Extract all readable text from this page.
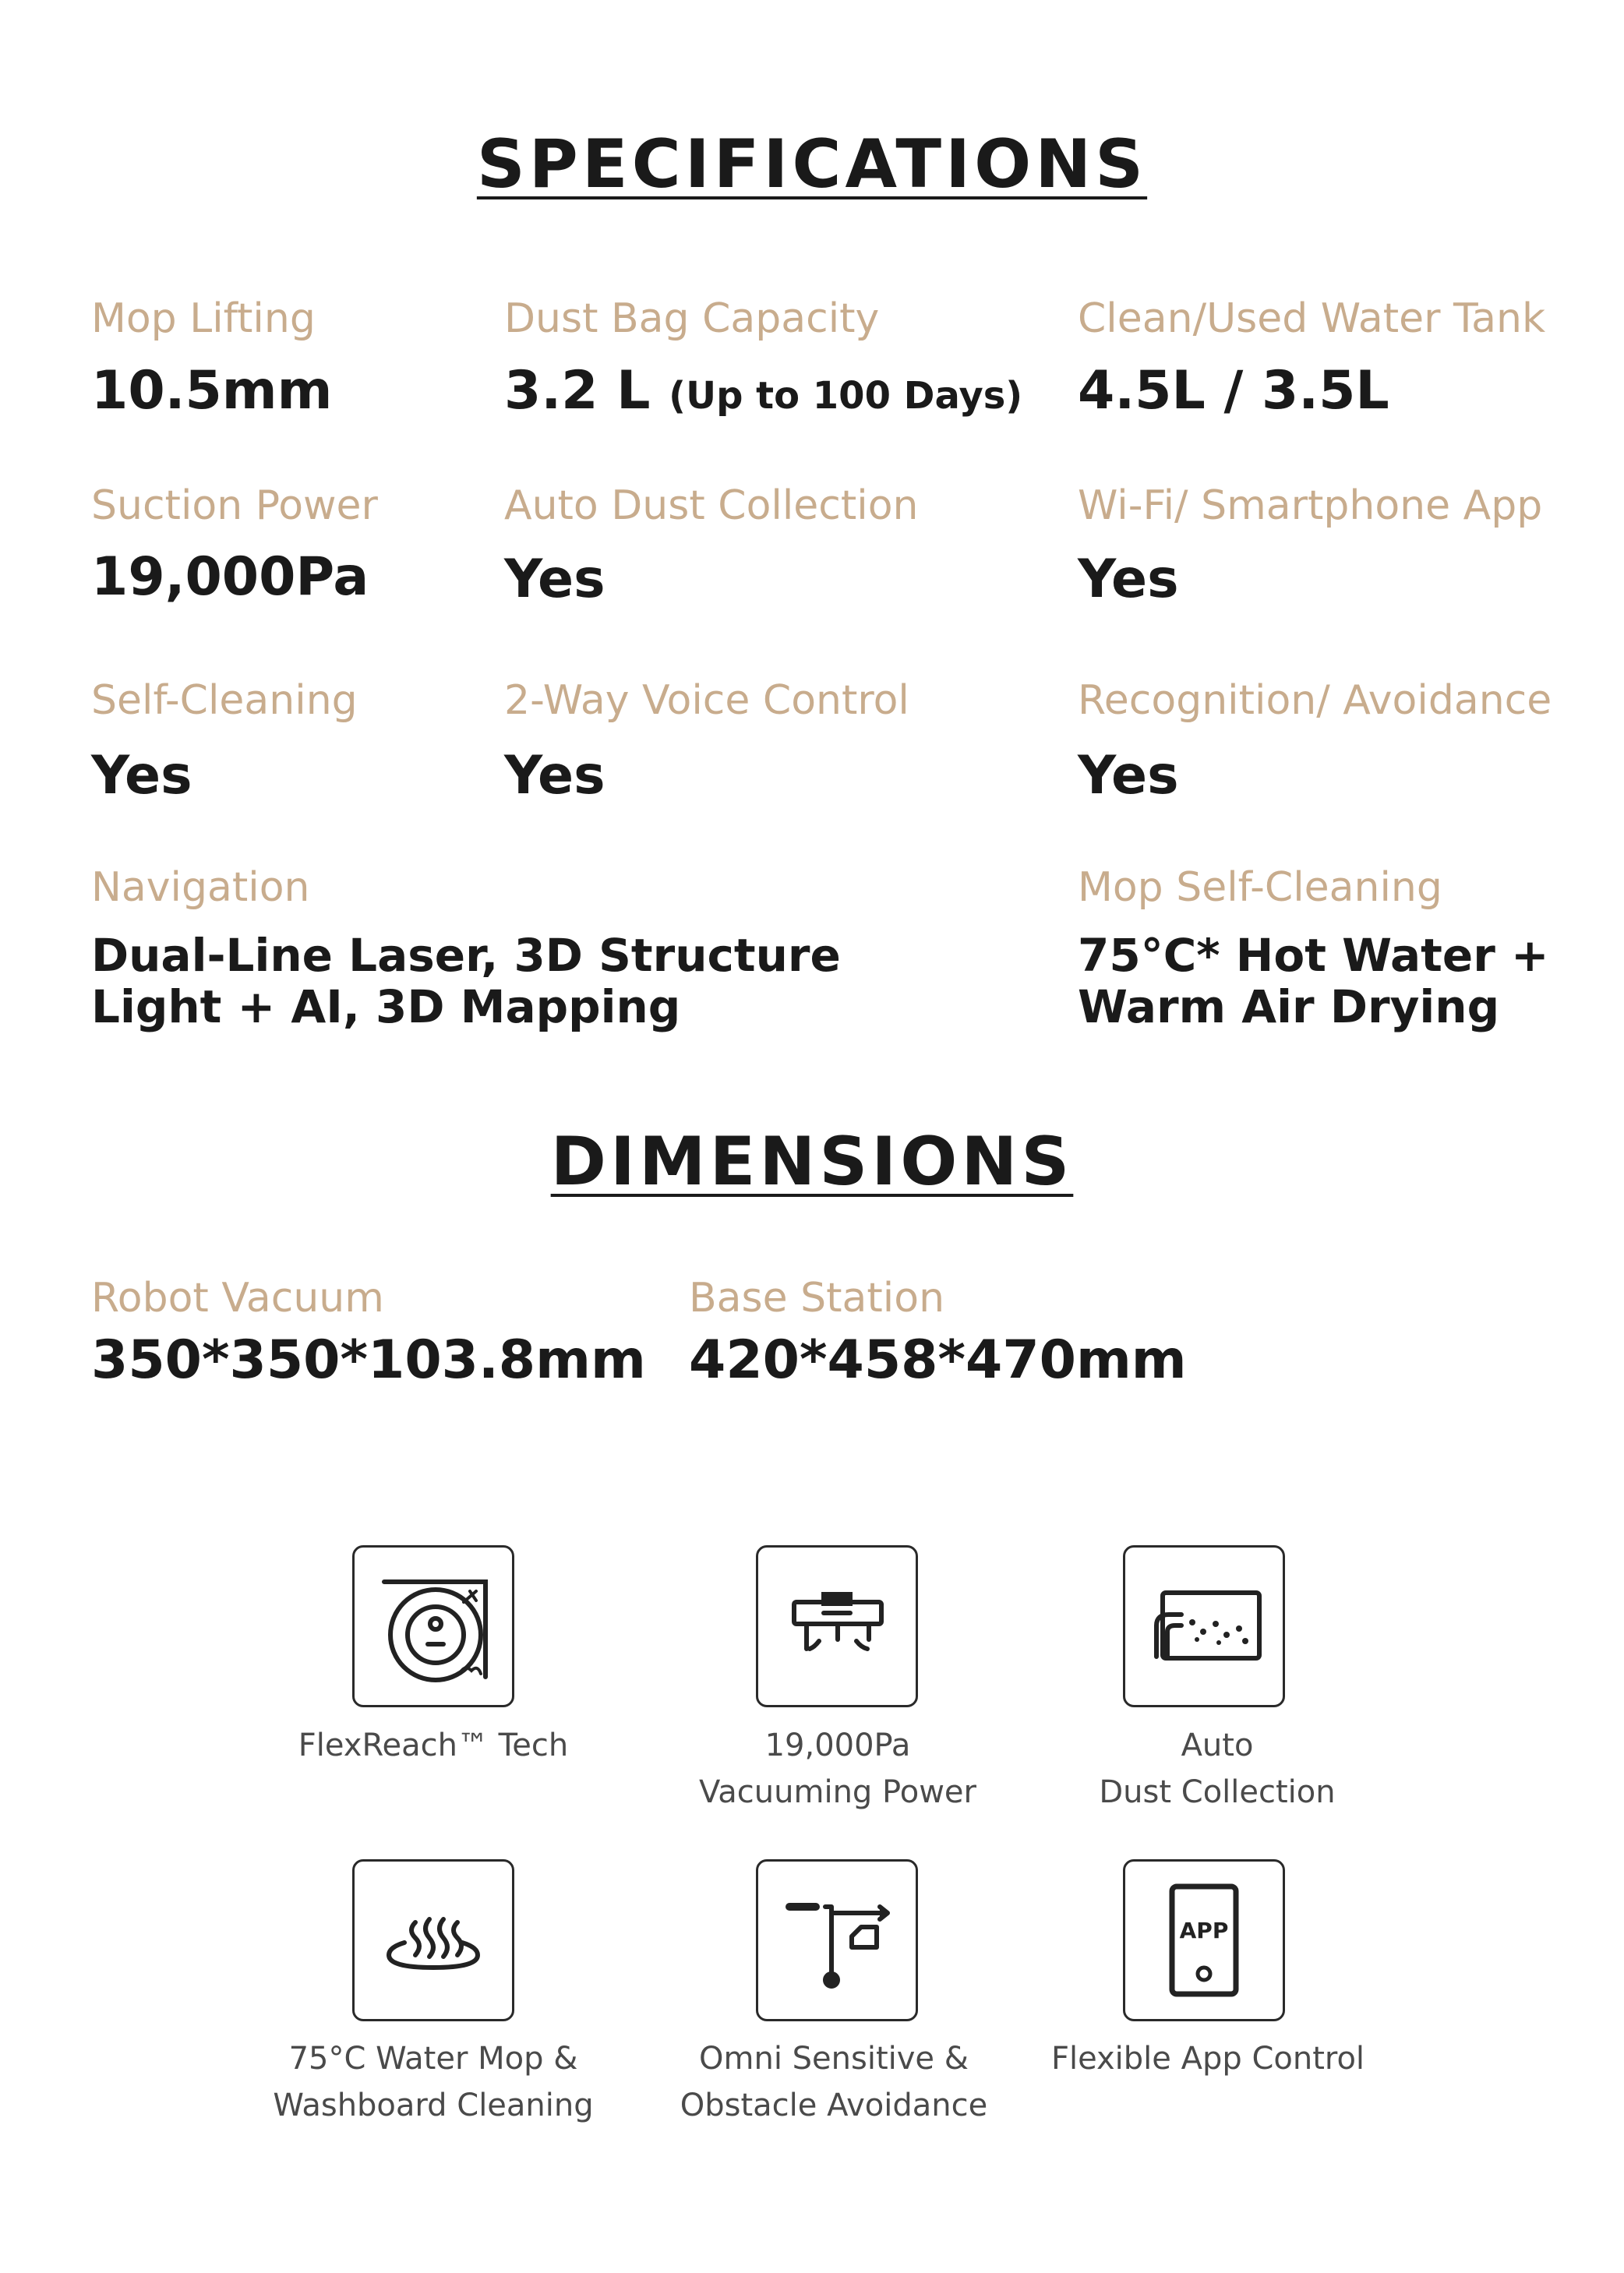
SPECIFICATIONS
Mop Lifting
10.5mm
Dust Bag Capacity
3.2 L (Up to 100 Days)
Clean/Used Water Tank
4.5L / 3.5L
Suction Power
19,000Pa
Auto Dust Collection
Yes
Wi-Fi/ Smartphone App
Yes
Self-Cleaning
Yes
2-Way Voice Control
Yes
Recognition/ Avoidance
Yes
Navigation
Dual-Line Laser, 3D Structure
Light + AI, 3D Mapping
Mop Self-Cleaning
75°C* Hot Water +
Warm Air Drying
DIMENSIONS
Robot Vacuum
350*350*103.8mm
Base Station
420*458*470mm
FlexReach™ Tech	19,000Pa
Vacuuming Power
Auto
Dust Collection
75°C Water Mop &
Washboard Cleaning
Omni Sensitive &
Obstacle Avoidance
APP
Flexible App Control
